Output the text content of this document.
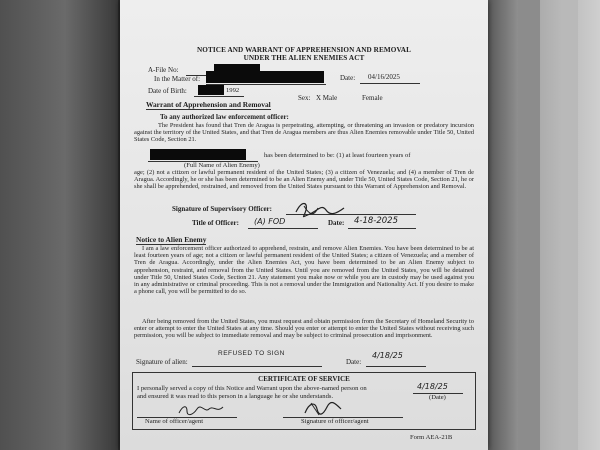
NOTICE AND WARRANT OF APPREHENSION AND REMOVAL
UNDER THE ALIEN ENEMIES ACT
A-File No:
In the Matter of:	Date: 04/16/2025
Date of Birth:	1992
Sex: X Male	Female
Warrant of Apprehension and Removal
To any authorized law enforcement officer:
The President has found that Tren de Aragua is perpetrating, attempting, or threatening an invasion or predatory incursion against the territory of the United States, and that Tren de Aragua members are thus Alien Enemies removable under Title 50, United States Code, Section 21.
has been determined to be: (1) at least fourteen years of
(Full Name of Alien Enemy)
age; (2) not a citizen or lawful permanent resident of the United States; (3) a citizen of Venezuela; and (4) a member of Tren de Aragua. Accordingly, he or she has been determined to be an Alien Enemy and, under Title 50, United States Code, Section 21, he or she shall be apprehended, restrained, and removed from the United States pursuant to this Warrant of Apprehension and Removal.
Signature of Supervisory Officer:
Title of Officer: (A) FOD	Date: 4-18-2025
Notice to Alien Enemy
I am a law enforcement officer authorized to apprehend, restrain, and remove Alien Enemies. You have been determined to be at least fourteen years of age; not a citizen or lawful permanent resident of the United States; a citizen of Venezuela; and a member of Tren de Aragua. Accordingly, under the Alien Enemies Act, you have been determined to be an Alien Enemy subject to apprehension, restraint, and removal from the United States. Until you are removed from the United States, you will be detained under Title 50, United States Code, Section 21. Any statement you make now or while you are in custody may be used against you in any administrative or criminal proceeding. This is not a removal under the Immigration and Nationality Act. If you desire to make a phone call, you will be permitted to do so.
After being removed from the United States, you must request and obtain permission from the Secretary of Homeland Security to enter or attempt to enter the United States at any time. Should you enter or attempt to enter the United States without receiving such permission, you will be subject to immediate removal and may be subject to criminal prosecution and imprisonment.
Signature of alien:
REFUSED TO SIGN
Date:
4/18/25
CERTIFICATE OF SERVICE
I personally served a copy of this Notice and Warrant upon the above-named person on	4/18/25
(Date)
and ensured it was read to this person in a language he or she understands.
Name of officer/agent	Signature of officer/agent
Form AEA-21B
